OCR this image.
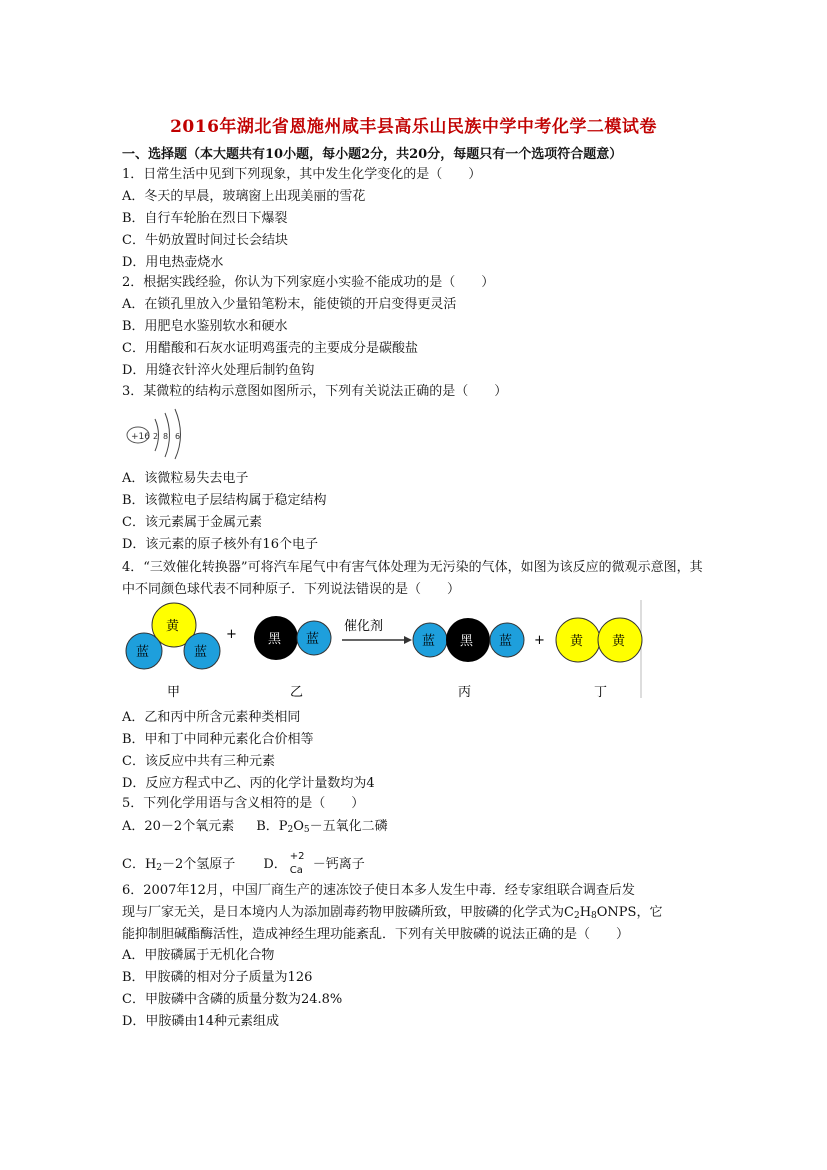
2016年湖北省恩施州咸丰县高乐山民族中学中考化学二模试卷
一、选择题（本大题共有10小题，每小题2分，共20分，每题只有一个选项符合题意）
1．日常生活中见到下列现象，其中发生化学变化的是（　　）
A．冬天的早晨，玻璃窗上出现美丽的雪花
B．自行车轮胎在烈日下爆裂
C．牛奶放置时间过长会结块
D．用电热壶烧水
2．根据实践经验，你认为下列家庭小实验不能成功的是（　　）
A．在锁孔里放入少量铅笔粉末，能使锁的开启变得更灵活
B．用肥皂水鉴别软水和硬水
C．用醋酸和石灰水证明鸡蛋壳的主要成分是碳酸盐
D．用缝衣针淬火处理后制钓鱼钩
3．某微粒的结构示意图如图所示，下列有关说法正确的是（　　）
+16 2 8 6
A．该微粒易失去电子
B．该微粒电子层结构属于稳定结构
C．该元素属于金属元素
D．该元素的原子核外有16个电子
4．“三效催化转换器”可将汽车尾气中有害气体处理为无污染的气体，如图为该反应的微观示意图，其中不同颜色球代表不同种原子．下列说法错误的是（　　）
黄
蓝	蓝
+ 黑 蓝
催化剂
蓝 黑 蓝 + 黄 黄
甲	乙	丙	丁
A．乙和丙中所含元素种类相同
B．甲和丁中同种元素化合价相等
C．该反应中共有三种元素
D．反应方程式中乙、丙的化学计量数均为4
5．下列化学用语与含义相符的是（　　）
A．20－2个氧元素 B．$P_2O_5-$五氧化二磷
C．$H_2-2$个氢原子 D．
+2
Ca －钙离子
6．2007年12月，中国厂商生产的速冻饺子使日本多人发生中毒．经专家组联合调查后发
现与厂家无关，是日本境内人为添加剧毒药物甲胺磷所致，甲胺磷的化学式为$C_2H_8ONPS$，它
能抑制胆碱酯酶活性，造成神经生理功能紊乱．下列有关甲胺磷的说法正确的是（　　）
A．甲胺磷属于无机化合物
B．甲胺磷的相对分子质量为126
C．甲胺磷中含磷的质量分数为24.8%
D．甲胺磷由14种元素组成
